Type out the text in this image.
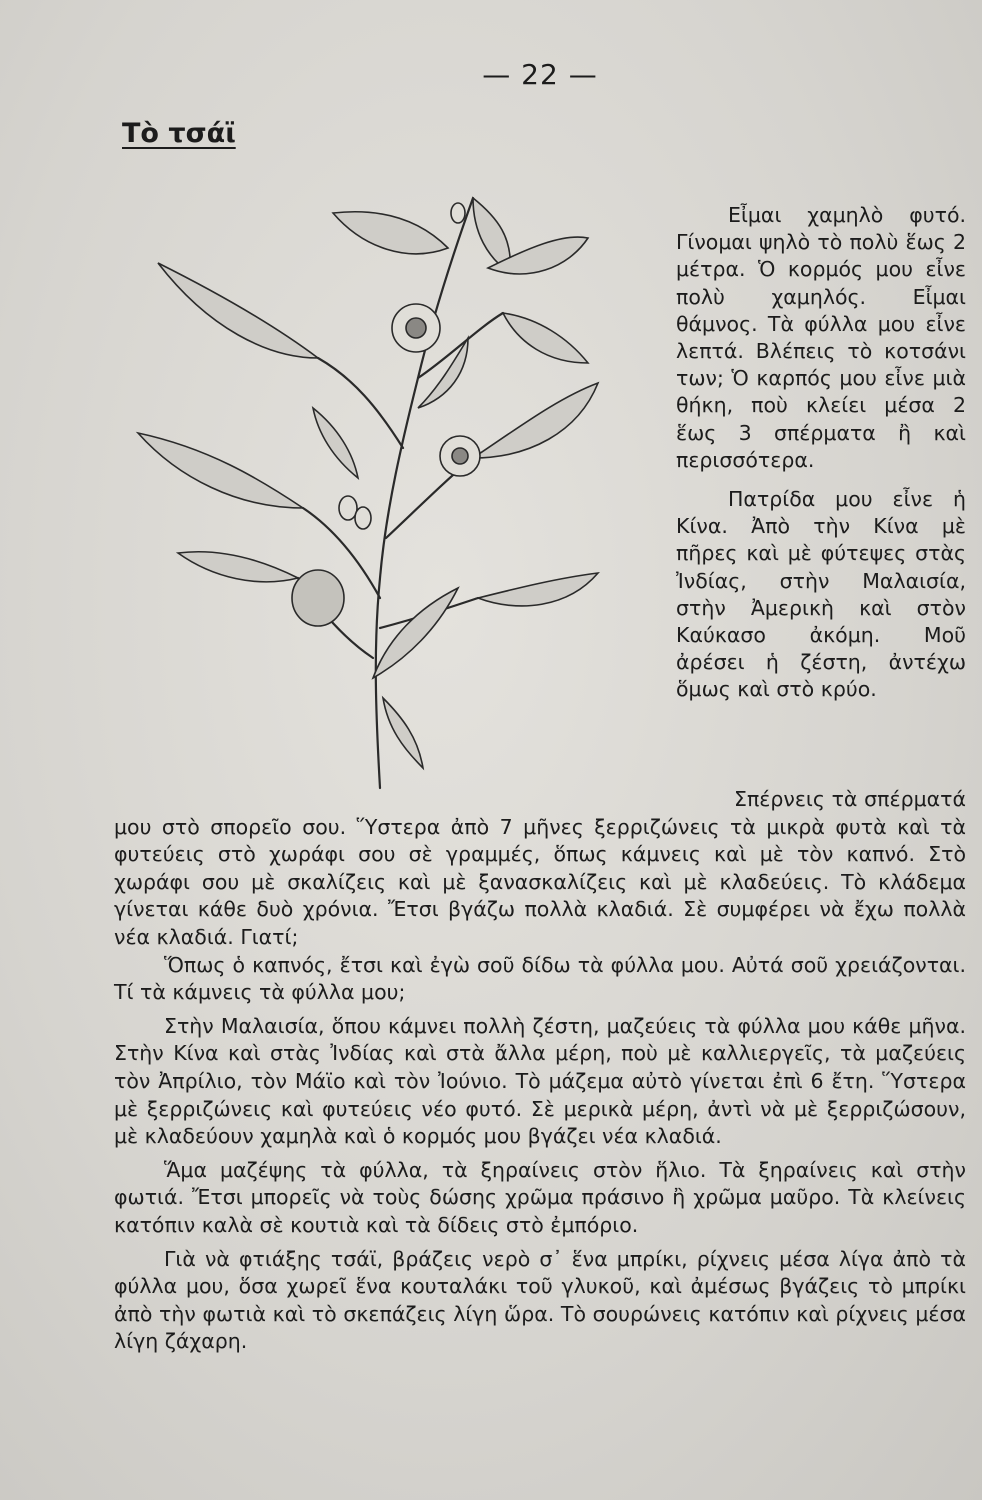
— 22 —
Τὸ τσάϊ

Εἶμαι χαμηλὸ φυτό. Γίνομαι ψηλὸ τὸ πολὺ ἕως 2 μέτρα. Ὁ κορμός μου εἶνε πολὺ χαμηλός. Εἶμαι θάμνος. Τὰ φύλλα μου εἶνε λεπτά. Βλέπεις τὸ κοτσάνι των; Ὁ καρπός μου εἶνε μιὰ θήκη, ποὺ κλείει μέσα 2 ἕως 3 σπέρματα ἢ καὶ περισσότερα.

Πατρίδα μου εἶνε ἡ Κίνα. Ἀπὸ τὴν Κίνα μὲ πῆρες καὶ μὲ φύτεψες στὰς Ἰνδίας, στὴν Μαλαισία, στὴν Ἀμερικὴ καὶ στὸν Καύκασο ἀκόμη. Μοῦ ἀρέσει ἡ ζέστη, ἀντέχω ὅμως καὶ στὸ κρύο.

Σπέρνεις τὰ σπέρματά μου στὸ σπορεῖο σου. Ὕστερα ἀπὸ 7 μῆνες ξερριζώνεις τὰ μικρὰ φυτὰ καὶ τὰ φυτεύεις στὸ χωράφι σου σὲ γραμμές, ὅπως κάμνεις καὶ μὲ τὸν καπνό. Στὸ χωράφι σου μὲ σκαλίζεις καὶ μὲ ξανασκαλίζεις καὶ μὲ κλαδεύεις. Τὸ κλάδεμα γίνεται κάθε δυὸ χρόνια. Ἔτσι βγάζω πολλὰ κλαδιά. Σὲ συμφέρει νὰ ἔχω πολλὰ νέα κλαδιά. Γιατί;

Ὅπως ὁ καπνός, ἔτσι καὶ ἐγὼ σοῦ δίδω τὰ φύλλα μου. Αὐτά σοῦ χρειάζονται. Τί τὰ κάμνεις τὰ φύλλα μου;

Στὴν Μαλαισία, ὅπου κάμνει πολλὴ ζέστη, μαζεύεις τὰ φύλλα μου κάθε μῆνα. Στὴν Κίνα καὶ στὰς Ἰνδίας καὶ στὰ ἄλλα μέρη, ποὺ μὲ καλλιεργεῖς, τὰ μαζεύεις τὸν Ἀπρίλιο, τὸν Μάϊο καὶ τὸν Ἰούνιο. Τὸ μάζεμα αὐτὸ γίνεται ἐπὶ 6 ἔτη. Ὕστερα μὲ ξερριζώνεις καὶ φυτεύεις νέο φυτό. Σὲ μερικὰ μέρη, ἀντὶ νὰ μὲ ξερριζώσουν, μὲ κλαδεύουν χαμηλὰ καὶ ὁ κορμός μου βγάζει νέα κλαδιά.

Ἅμα μαζέψης τὰ φύλλα, τὰ ξηραίνεις στὸν ἥλιο. Τὰ ξηραίνεις καὶ στὴν φωτιά. Ἔτσι μπορεῖς νὰ τοὺς δώσης χρῶμα πράσινο ἢ χρῶμα μαῦρο. Τὰ κλείνεις κατόπιν καλὰ σὲ κουτιὰ καὶ τὰ δίδεις στὸ ἐμπόριο.

Γιὰ νὰ φτιάξης τσάϊ, βράζεις νερὸ σ᾿ ἕνα μπρίκι, ρίχνεις μέσα λίγα ἀπὸ τὰ φύλλα μου, ὅσα χωρεῖ ἕνα κουταλάκι τοῦ γλυκοῦ, καὶ ἀμέσως βγάζεις τὸ μπρίκι ἀπὸ τὴν φωτιὰ καὶ τὸ σκεπάζεις λίγη ὥρα. Τὸ σουρώνεις κατόπιν καὶ ρίχνεις μέσα λίγη ζάχαρη.
